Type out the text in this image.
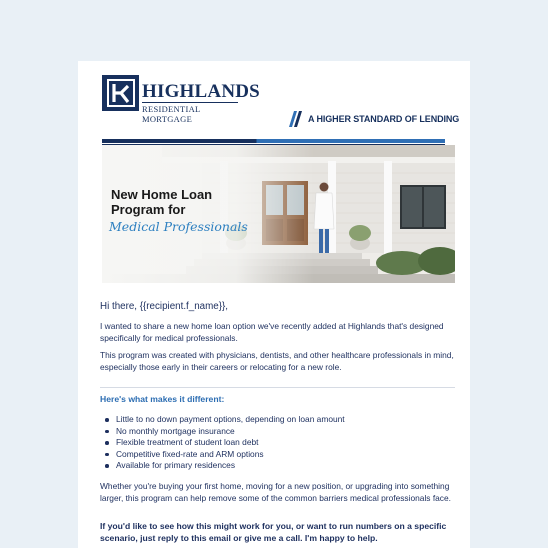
HIGHLANDS
RESIDENTIAL MORTGAGE	A HIGHER STANDARD OF LENDING
New Home Loan Program for
Medical Professionals
Hi there, {{recipient.f_name}},
I wanted to share a new home loan option we've recently added at Highlands that's designed specifically for medical professionals.
This program was created with physicians, dentists, and other healthcare professionals in mind, especially those early in their careers or relocating for a new role.
Here's what makes it different:
Little to no down payment options, depending on loan amount
No monthly mortgage insurance
Flexible treatment of student loan debt
Competitive fixed-rate and ARM options
Available for primary residences
Whether you're buying your first home, moving for a new position, or upgrading into something larger, this program can help remove some of the common barriers medical professionals face.
If you'd like to see how this might work for you, or want to run numbers on a specific scenario, just reply to this email or give me a call. I'm happy to help.
